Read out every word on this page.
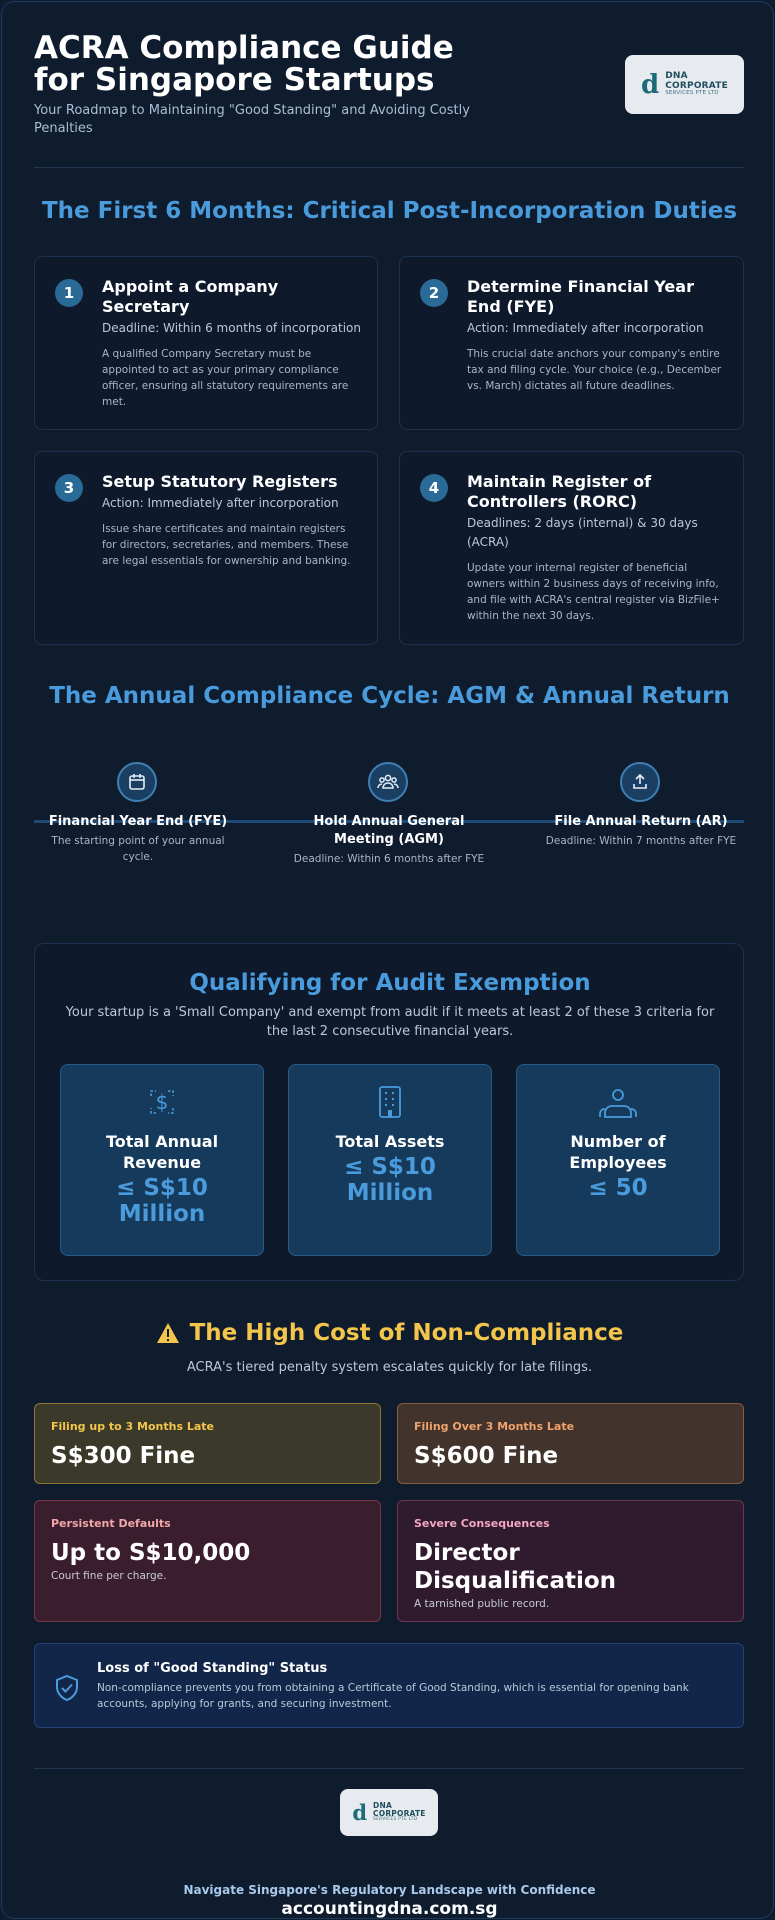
ACRA Compliance Guide for Singapore Startups
Your Roadmap to Maintaining "Good Standing" and Avoiding Costly Penalties
d DNA
CORPORATE
SERVICES PTE LTD
The First 6 Months: Critical Post-Incorporation Duties
1	Appoint a Company Secretary
Deadline: Within 6 months of incorporation
A qualified Company Secretary must be appointed to act as your primary compliance officer, ensuring all statutory requirements are met.
2	Determine Financial Year End (FYE)
Action: Immediately after incorporation
This crucial date anchors your company's entire tax and filing cycle. Your choice (e.g., December vs. March) dictates all future deadlines.
3	Setup Statutory Registers
Action: Immediately after incorporation
Issue share certificates and maintain registers for directors, secretaries, and members. These are legal essentials for ownership and banking.
4	Maintain Register of Controllers (RORC)
Deadlines: 2 days (internal) & 30 days (ACRA)
Update your internal register of beneficial owners within 2 business days of receiving info, and file with ACRA's central register via BizFile+ within the next 30 days.
The Annual Compliance Cycle: AGM & Annual Return
Financial Year End (FYE)
The starting point of your annual cycle.
Hold Annual General Meeting (AGM)
Deadline: Within 6 months after FYE
File Annual Return (AR)
Deadline: Within 7 months after FYE
Qualifying for Audit Exemption
Your startup is a 'Small Company' and exempt from audit if it meets at least 2 of these 3 criteria for the last 2 consecutive financial years.
$
Total Annual Revenue
≤ S$10 Million
Total Assets
≤ S$10 Million
Number of Employees
≤ 50
The High Cost of Non-Compliance
ACRA's tiered penalty system escalates quickly for late filings.
Filing up to 3 Months Late
S$300 Fine
Filing Over 3 Months Late
S$600 Fine
Persistent Defaults
Up to S$10,000
Court fine per charge.
Severe Consequences
Director Disqualification
A tarnished public record.
Loss of "Good Standing" Status
Non-compliance prevents you from obtaining a Certificate of Good Standing, which is essential for opening bank accounts, applying for grants, and securing investment.
d DNA
CORPORATE
SERVICES PTE LTD
Navigate Singapore's Regulatory Landscape with Confidence
accountingdna.com.sg
